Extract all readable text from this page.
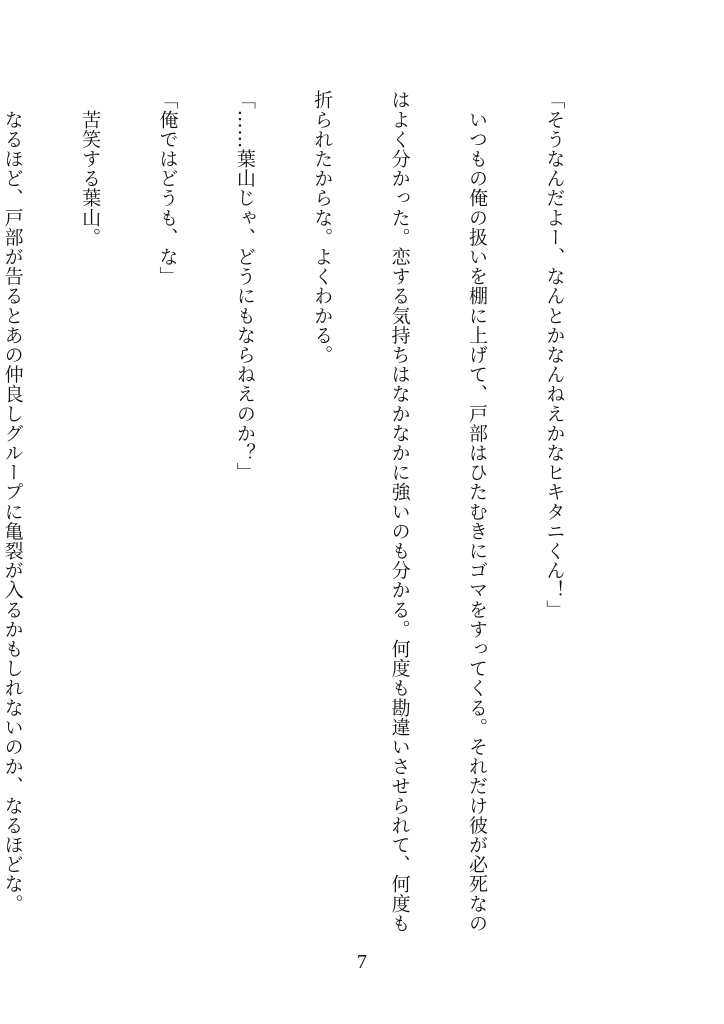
「そうなんだよー、なんとかなんねえかなヒキタニくん！」

　いつもの俺の扱いを棚に上げて、戸部はひたむきにゴマをすってくる。それだけ彼が必死なの

はよく分かった。恋する気持ちはなかなかに強いのも分かる。何度も勘違いさせられて、何度も

折られたからな。よくわかる。

「……葉山じゃ、どうにもならねえのか？」

「俺ではどうも、な」

　苦笑する葉山。

　なるほど、戸部が告るとあの仲良しグループに亀裂が入るかもしれないのか、なるほどな。

7
